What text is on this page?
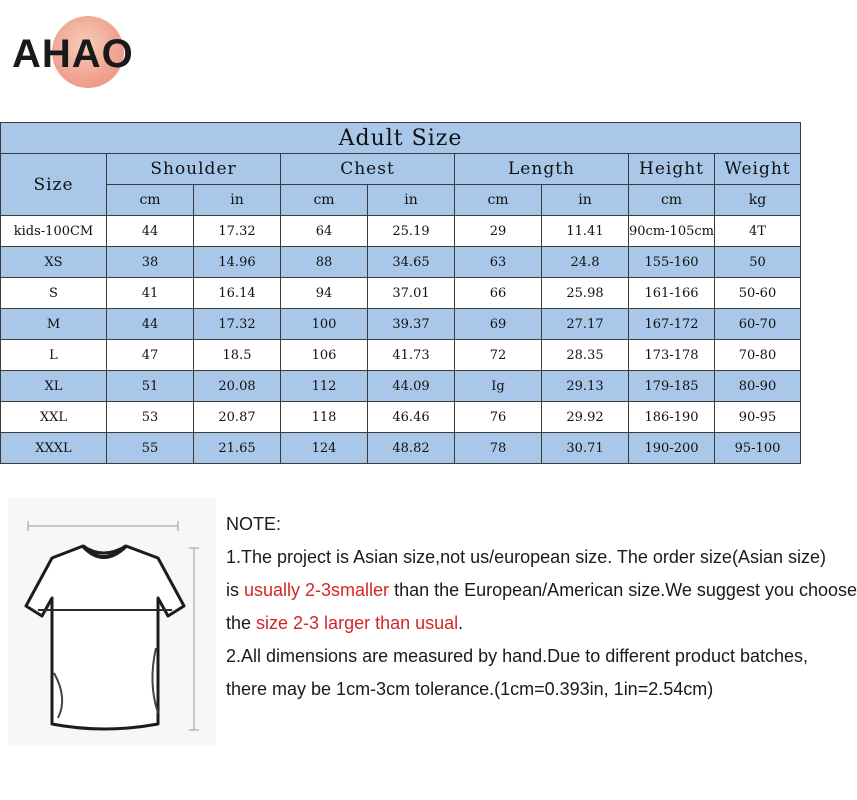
AHAO
Adult Size								
Size	Shoulder		Chest		Length		Height	Weight
	cm	in	cm	in	cm	in	cm	kg
kids-100CM	44	17.32	64	25.19	29	11.41	90cm-105cm	4T
XS	38	14.96	88	34.65	63	24.8	155-160	50
S	41	16.14	94	37.01	66	25.98	161-166	50-60
M	44	17.32	100	39.37	69	27.17	167-172	60-70
L	47	18.5	106	41.73	72	28.35	173-178	70-80
XL	51	20.08	112	44.09	Ig	29.13	179-185	80-90
XXL	53	20.87	118	46.46	76	29.92	186-190	90-95
XXXL	55	21.65	124	48.82	78	30.71	190-200	95-100
NOTE:
1.The project is Asian size,not us/european size. The order size(Asian size)
is usually 2-3smaller than the European/American size.We suggest you choose
the size 2-3 larger than usual.
2.All dimensions are measured by hand.Due to different product batches,
there may be 1cm-3cm tolerance.(1cm=0.393in, 1in=2.54cm)
